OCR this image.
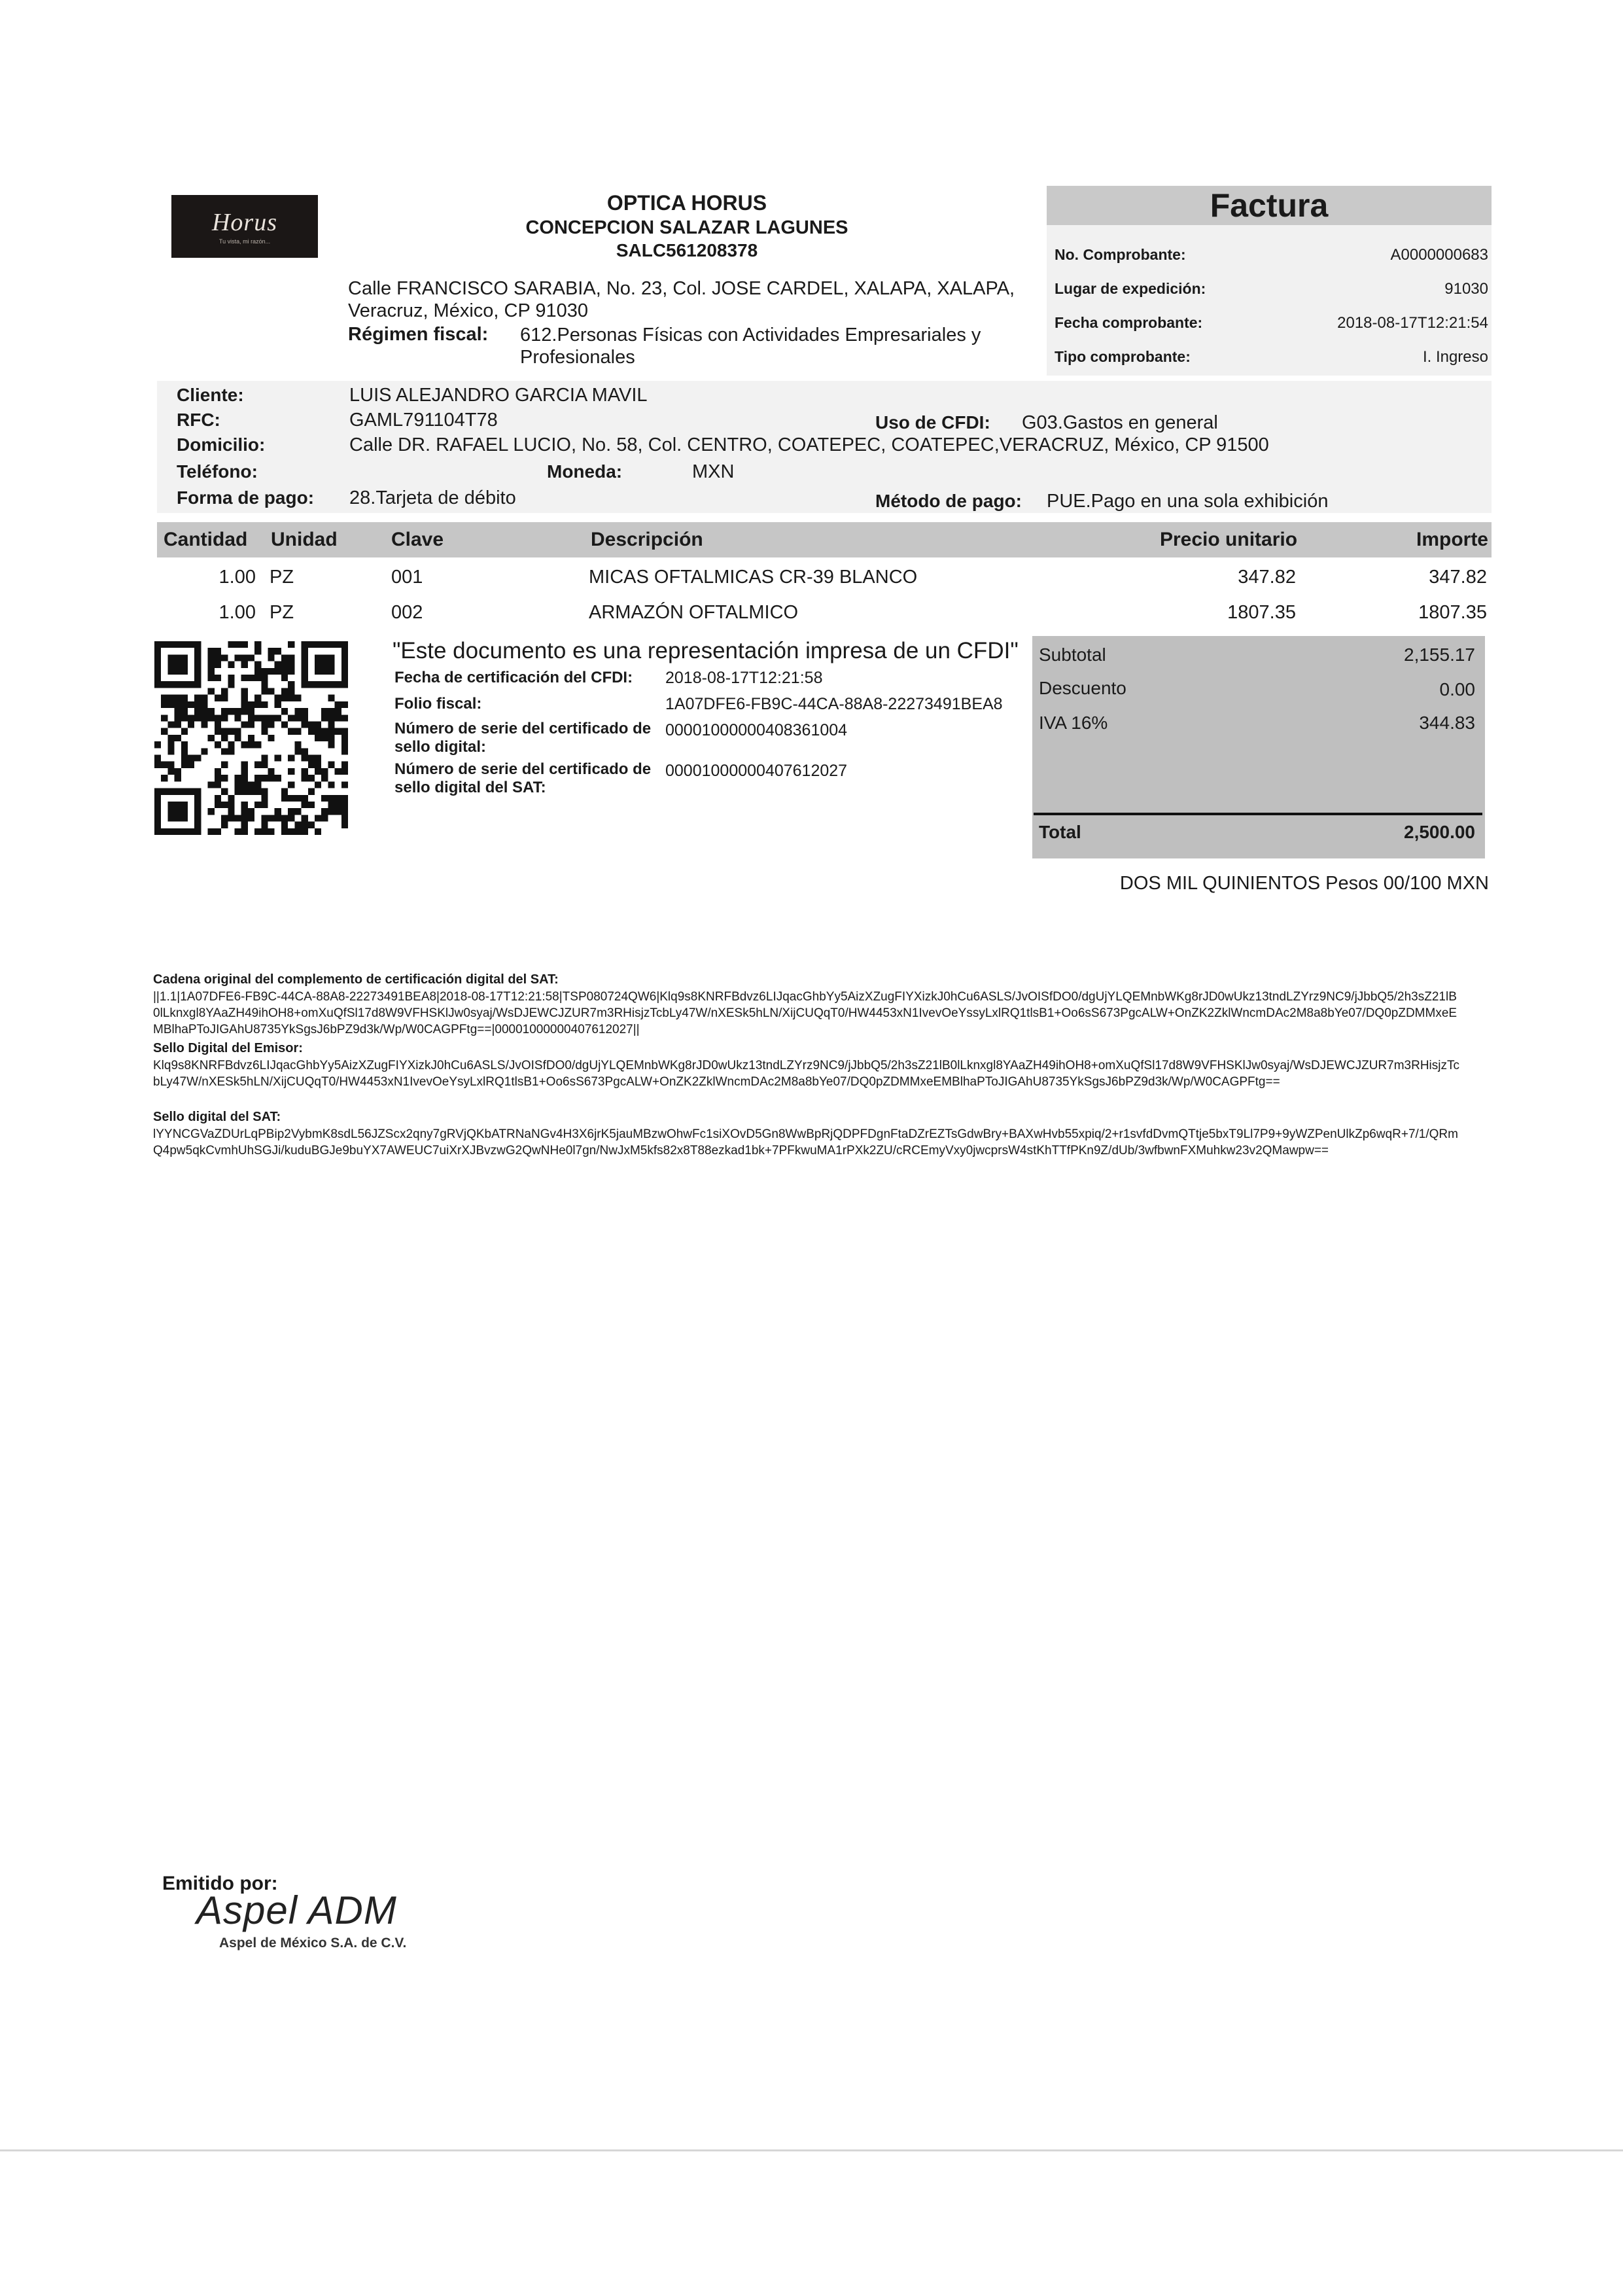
Horus
Tu vista, mi razón...
OPTICA HORUS
CONCEPCION SALAZAR LAGUNES
SALC561208378
Calle FRANCISCO SARABIA, No. 23, Col. JOSE CARDEL, XALAPA, XALAPA, Veracruz, México, CP 91030
Régimen fiscal: 612.Personas Físicas con Actividades Empresariales y Profesionales
Factura
No. Comprobante:	A0000000683
Lugar de expedición:	91030
Fecha comprobante:	2018-08-17T12:21:54
Tipo comprobante:	I. Ingreso
Cliente:	LUIS ALEJANDRO GARCIA MAVIL
RFC:	GAML791104T78	Uso de CFDI: G03.Gastos en general
Domicilio:	Calle DR. RAFAEL LUCIO, No. 58, Col. CENTRO, COATEPEC, COATEPEC,VERACRUZ, México, CP 91500
Teléfono:	Moneda:	MXN
Forma de pago: 28.Tarjeta de débito	Método de pago: PUE.Pago en una sola exhibición
Cantidad Unidad	Clave	Descripción	Precio unitario	Importe
1.00 PZ	001	MICAS OFTALMICAS CR-39 BLANCO	347.82	347.82
1.00 PZ	002	ARMAZÓN OFTALMICO	1807.35	1807.35
"Este documento es una representación impresa de un CFDI"
Fecha de certificación del CFDI:	2018-08-17T12:21:58
Folio fiscal:	1A07DFE6-FB9C-44CA-88A8-22273491BEA8
Número de serie del certificado de sello digital:
00001000000408361004
Número de serie del certificado de sello digital del SAT:
00001000000407612027
Subtotal	2,155.17
Descuento	0.00
IVA 16%	344.83
Total	2,500.00
DOS MIL QUINIENTOS Pesos 00/100 MXN
Cadena original del complemento de certificación digital del SAT:
||1.1|1A07DFE6-FB9C-44CA-88A8-22273491BEA8|2018-08-17T12:21:58|TSP080724QW6|Klq9s8KNRFBdvz6LIJqacGhbYy5AizXZugFIYXizkJ0hCu6ASLS/JvOISfDO0/dgUjYLQEMnbWKg8rJD0wUkz13tndLZYrz9NC9/jJbbQ5/2h3sZ21lB0lLknxgl8YAaZH49ihOH8+omXuQfSl17d8W9VFHSKlJw0syaj/WsDJEWCJZUR7m3RHisjzTcbLy47W/nXESk5hLN/XijCUQqT0/HW4453xN1IvevOeYssyLxlRQ1tlsB1+Oo6sS673PgcALW+OnZK2ZklWncmDAc2M8a8bYe07/DQ0pZDMMxeEMBlhaPToJIGAhU8735YkSgsJ6bPZ9d3k/Wp/W0CAGPFtg==|00001000000407612027||
Sello Digital del Emisor:
Klq9s8KNRFBdvz6LIJqacGhbYy5AizXZugFIYXizkJ0hCu6ASLS/JvOISfDO0/dgUjYLQEMnbWKg8rJD0wUkz13tndLZYrz9NC9/jJbbQ5/2h3sZ21lB0lLknxgl8YAaZH49ihOH8+omXuQfSl17d8W9VFHSKlJw0syaj/WsDJEWCJZUR7m3RHisjzTcbLy47W/nXESk5hLN/XijCUQqT0/HW4453xN1IvevOeYsyLxlRQ1tlsB1+Oo6sS673PgcALW+OnZK2ZklWncmDAc2M8a8bYe07/DQ0pZDMMxeEMBlhaPToJIGAhU8735YkSgsJ6bPZ9d3k/Wp/W0CAGPFtg==
Sello digital del SAT:
lYYNCGVaZDUrLqPBip2VybmK8sdL56JZScx2qny7gRVjQKbATRNaNGv4H3X6jrK5jauMBzwOhwFc1siXOvD5Gn8WwBpRjQDPFDgnFtaDZrEZTsGdwBry+BAXwHvb55xpiq/2+r1svfdDvmQTtje5bxT9Ll7P9+9yWZPenUlkZp6wqR+7/1/QRmQ4pw5qkCvmhUhSGJi/kuduBGJe9buYX7AWEUC7uiXrXJBvzwG2QwNHe0l7gn/NwJxM5kfs82x8T88ezkad1bk+7PFkwuMA1rPXk2ZU/cRCEmyVxy0jwcprsW4stKhTTfPKn9Z/dUb/3wfbwnFXMuhkw23v2QMawpw==
Emitido por:
Aspel ADM
Aspel de México S.A. de C.V.
